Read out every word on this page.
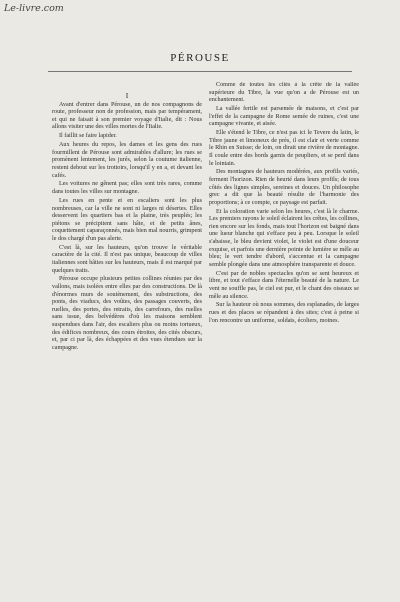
Le-livre.com
PÉROUSE
I

Avant d'entrer dans Pérouse, un de nos compagnons de route, professeur non de profession, mais par tempérament, et qui ne faisait à son premier voyage d'Italie, dit : Nous allons visiter une des villes mortes de l'Italie.

Il faillit se faire lapider.

Aux heures du repos, les dames et les gens des rues fourmillent de Pérouse sont admirables d'allure; les rues se promènent lentement, les jurés, selon la coutume italienne, restent debout sur les trottoirs, lorsqu'il y en a, et devant les cafés.

Les voitures ne gênent pas; elles sont très rares, comme dans toutes les villes sur montagne.

Les rues en pente et en escaliers sont les plus nombreuses, car la ville ne sont ni larges ni désertes. Elles desservent les quartiers bas et la plaine, très peuplés; les piétons se précipitent sans hâte, et de petits ânes, coquettement caparaçonnés, mais bien mal nourris, grimpent le dos chargé d'un pas alerte.

C'est là, sur les hauteurs, qu'on trouve le véritable caractère de la cité. Il n'est pas unique, beaucoup de villes italiennes sont bâties sur les hauteurs, mais il est marqué par quelques traits.

Pérouse occupe plusieurs petites collines réunies par des vallons, mais isolées entre elles par des constructions. De là d'énormes murs de soutènement, des substructions, des ponts, des viaducs, des voûtes, des passages couverts, des ruelles, des portes, des retraits, des carrefours, des ruelles sans issue, des belvédères d'où les maisons semblent suspendues dans l'air, des escaliers plus ou moins tortueux, des édifices nombreux, des cours étroites, des cités obscurs, et, par ci par là, des échappées et des vues étendues sur la campagne.

Comme de toutes les cités à la crête de la vallée supérieure du Tibre, la vue qu'on a de Pérouse est un enchantement.

La vallée fertile est parsemée de maisons, et c'est par l'effet de la campagne de Rome semée de ruines, c'est une campagne vivante, et aisée.

Elle s'étend le Tibre, ce n'est pas ici le Tevere du latin, le Tibre jaune et limoneux de près, il est clair et verte comme le Rhin en Suisse; de loin, on dirait une rivière de montagne. Il coule entre des bords garnis de peupliers, et se perd dans le lointain.

Des montagnes de hauteurs modérées, aux profils variés, ferment l'horizon. Rien de heurté dans leurs profils; de tous côtés des lignes simples, sereines et douces. Un philosophe grec a dit que la beauté résulte de l'harmonie des proportions; à ce compte, ce paysage est parfait.

Et la coloration varie selon les heures, c'est là le charme. Les premiers rayons le soleil éclairent les crêtes, les collines, rien encore sur les fonds, mais tout l'horizon est baigné dans une lueur blanche qui s'efface peu à peu. Lorsque le soleil s'abaisse, le bleu devient violet, le violet est d'une douceur exquise, et parfois une dernière pointe de lumière se mêle au bleu; le vert tendre d'abord, s'accentue et la campagne semble plongée dans une atmosphère transparente et douce.

C'est par de nobles spectacles qu'on se sent heureux et libre, et tout s'efface dans l'éternelle beauté de la nature. Le vent ne souffle pas, le ciel est pur, et le chant des oiseaux se mêle au silence.

Sur la hauteur où nous sommes, des esplanades, de larges rues et des places se répandent à des sites; c'est à peine si l'on rencontre un uniforme, soldats, écoliers, moines.
